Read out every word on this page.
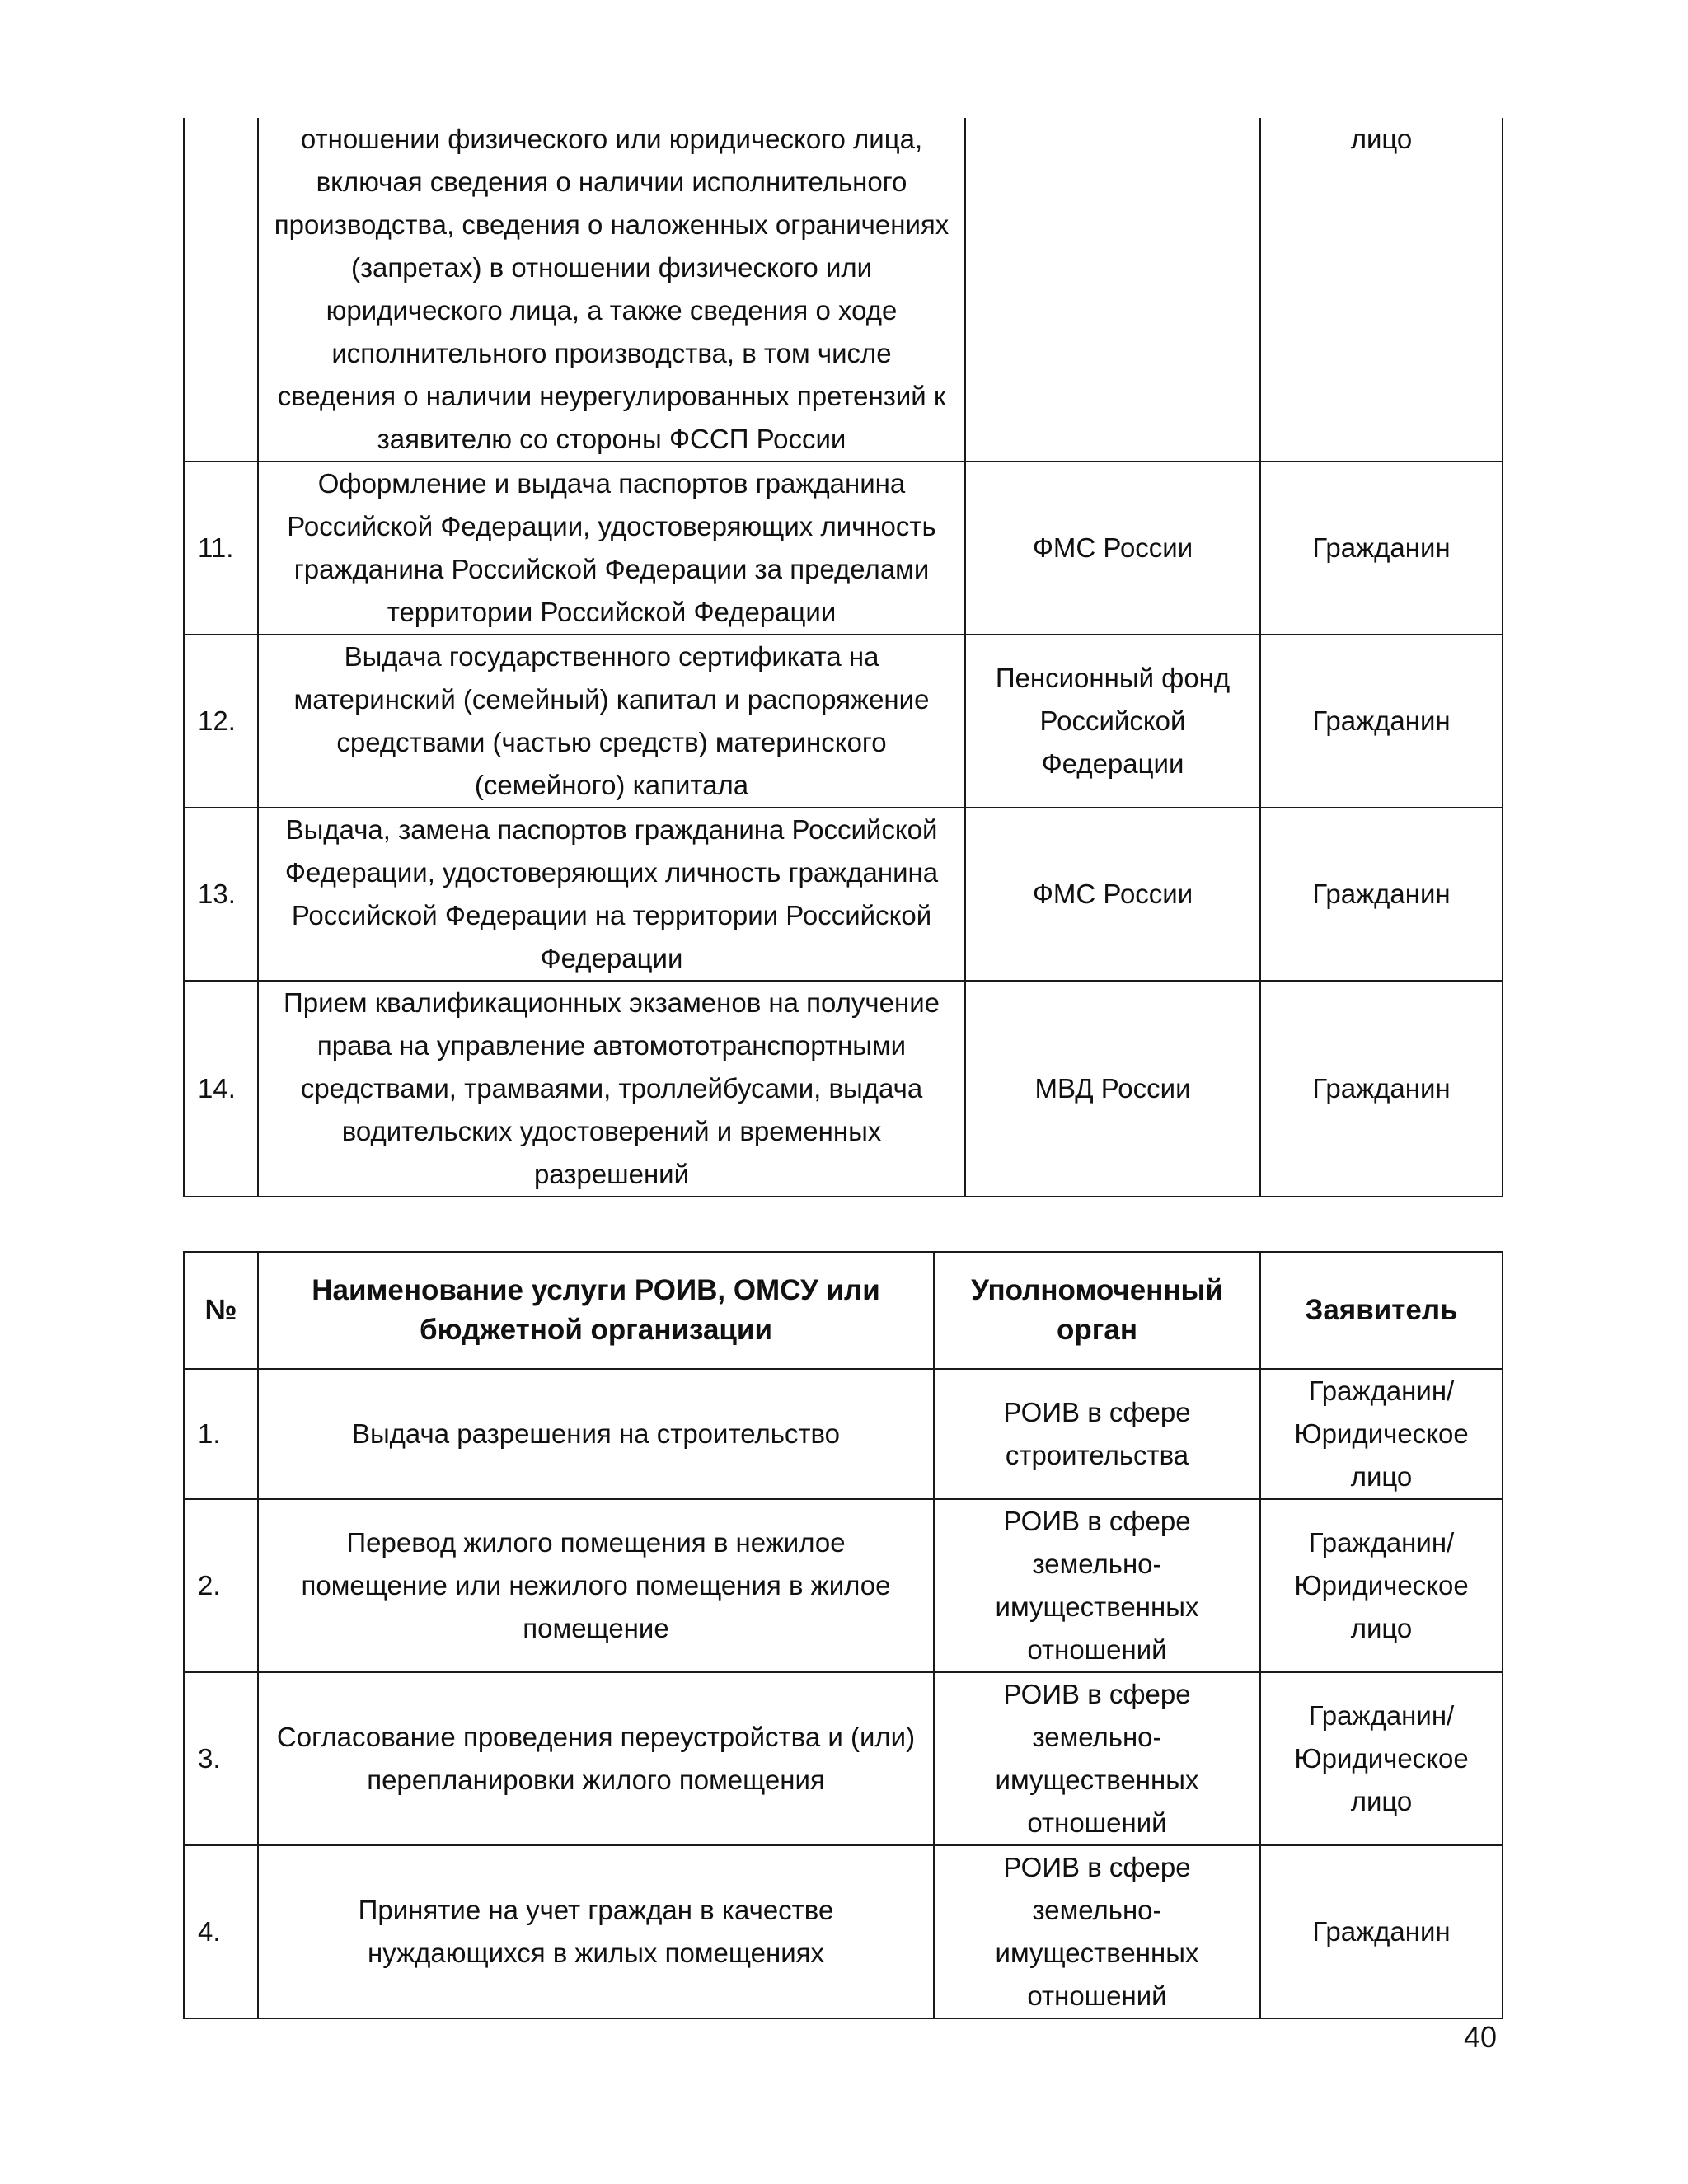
	отношении физического или юридического лица, включая сведения о наличии исполнительного производства, сведения о наложенных ограничениях (запретах) в отношении физического или юридического лица, а также сведения о ходе исполнительного производства, в том числе сведения о наличии неурегулированных претензий к заявителю со стороны ФССП России		лицо
11.	Оформление и выдача паспортов гражданина Российской Федерации, удостоверяющих личность гражданина Российской Федерации за пределами территории Российской Федерации	ФМС России	Гражданин
12.	Выдача государственного сертификата на материнский (семейный) капитал и распоряжение средствами (частью средств) материнского (семейного) капитала	Пенсионный фонд Российской Федерации	Гражданин
13.	Выдача, замена паспортов гражданина Российской Федерации, удостоверяющих личность гражданина Российской Федерации на территории Российской Федерации	ФМС России	Гражданин
14.	Прием квалификационных экзаменов на получение права на управление автомототранспортными средствами, трамваями, троллейбусами, выдача водительских удостоверений и временных разрешений	МВД России	Гражданин
№	Наименование услуги РОИВ, ОМСУ или бюджетной организации	Уполномоченный орган	Заявитель
1.	Выдача разрешения на строительство	РОИВ в сфере строительства	Гражданин/ Юридическое лицо
2.	Перевод жилого помещения в нежилое помещение или нежилого помещения в жилое помещение	РОИВ в сфере земельно-имущественных отношений	Гражданин/ Юридическое лицо
3.	Согласование проведения переустройства и (или) перепланировки жилого помещения	РОИВ в сфере земельно-имущественных отношений	Гражданин/ Юридическое лицо
4.	Принятие на учет граждан в качестве нуждающихся в жилых помещениях	РОИВ в сфере земельно-имущественных отношений	Гражданин
40
